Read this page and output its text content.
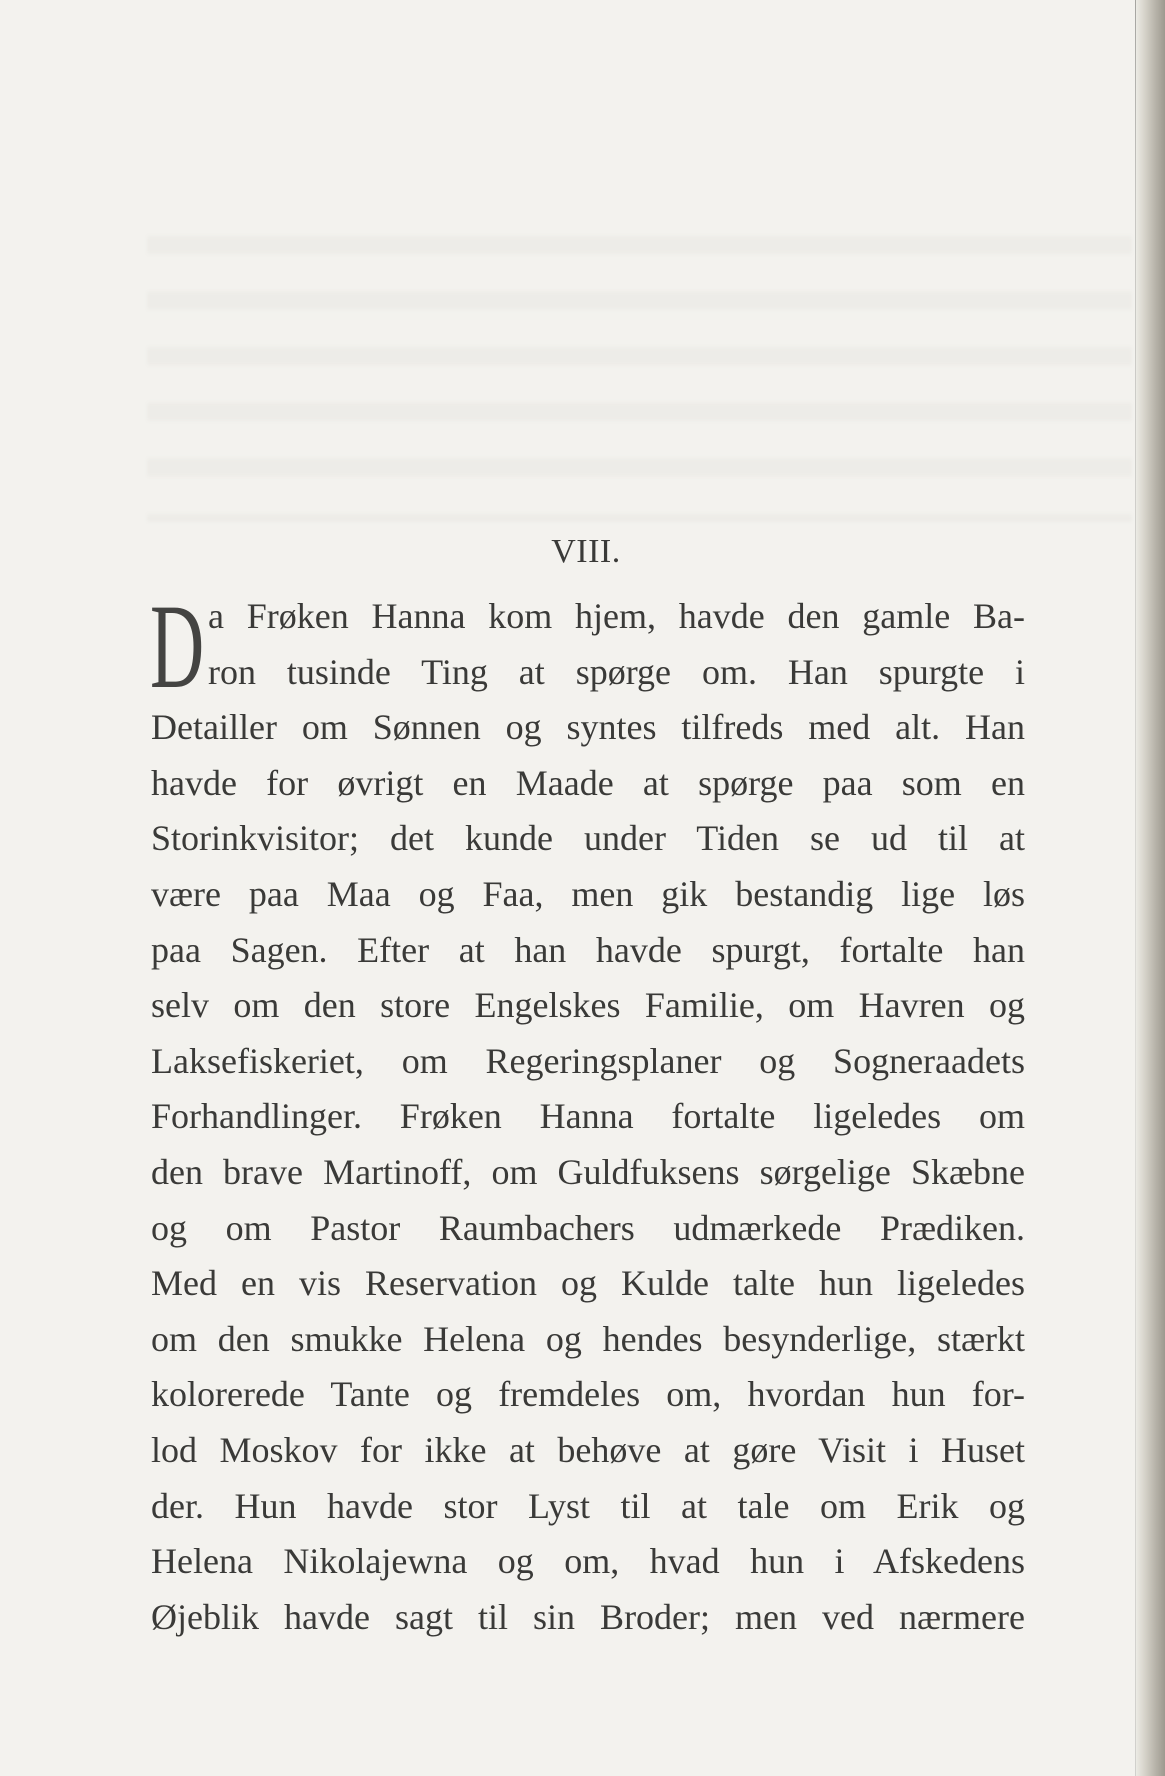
VIII.
D a Frøken Hanna kom hjem, havde den gamle Ba-
ron tusinde Ting at spørge om. Han spurgte i
Detailler om Sønnen og syntes tilfreds med alt. Han
havde for øvrigt en Maade at spørge paa som en
Storinkvisitor; det kunde under Tiden se ud til at
være paa Maa og Faa, men gik bestandig lige løs
paa Sagen. Efter at han havde spurgt, fortalte han
selv om den store Engelskes Familie, om Havren og
Laksefiskeriet, om Regeringsplaner og Sogneraadets
Forhandlinger. Frøken Hanna fortalte ligeledes om
den brave Martinoff, om Guldfuksens sørgelige Skæbne
og om Pastor Raumbachers udmærkede Prædiken.
Med en vis Reservation og Kulde talte hun ligeledes
om den smukke Helena og hendes besynderlige, stærkt
kolorerede Tante og fremdeles om, hvordan hun for-
lod Moskov for ikke at behøve at gøre Visit i Huset
der. Hun havde stor Lyst til at tale om Erik og
Helena Nikolajewna og om, hvad hun i Afskedens
Øjeblik havde sagt til sin Broder; men ved nærmere
